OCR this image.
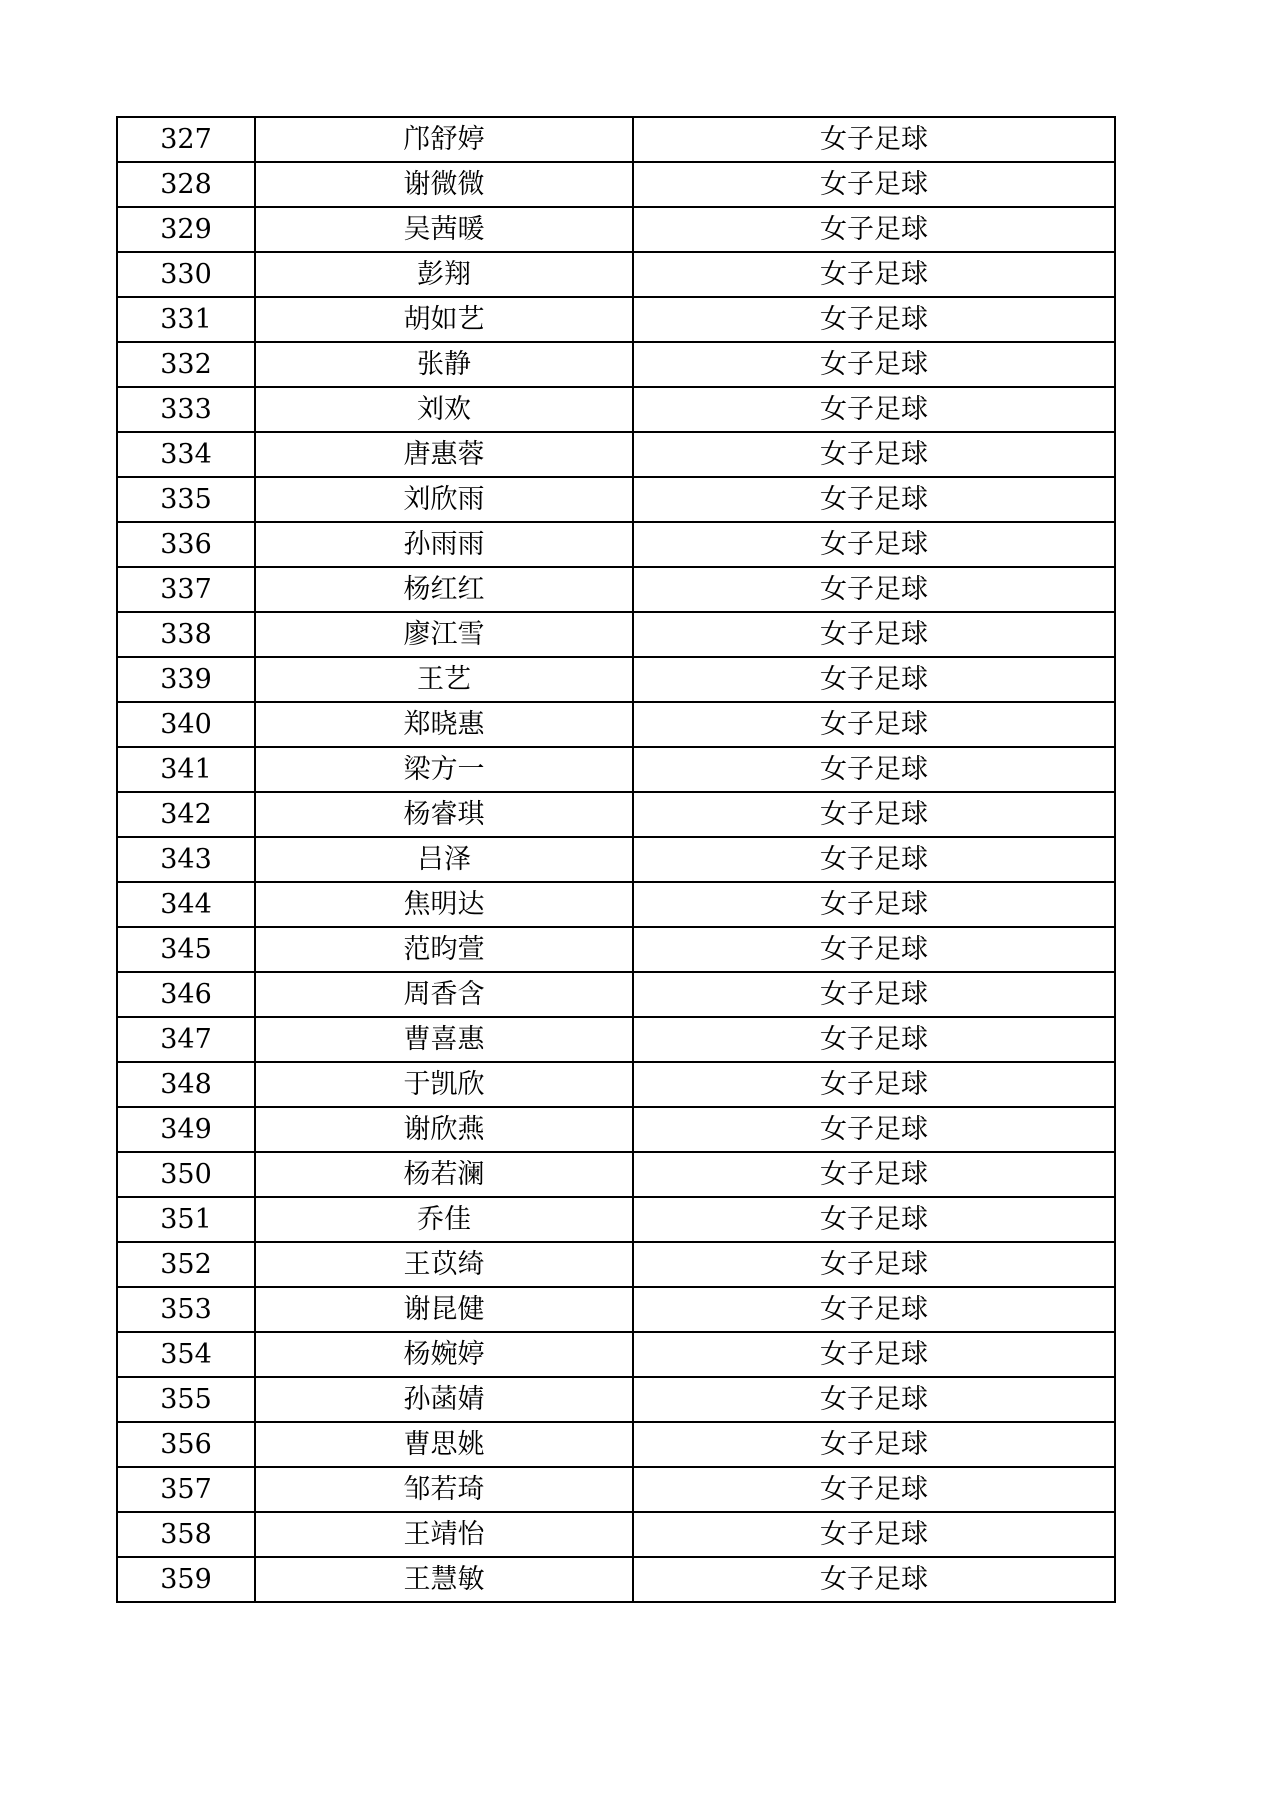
327	邝舒婷	女子足球
328	谢微微	女子足球
329	吴茜暖	女子足球
330	彭翔	女子足球
331	胡如艺	女子足球
332	张静	女子足球
333	刘欢	女子足球
334	唐惠蓉	女子足球
335	刘欣雨	女子足球
336	孙雨雨	女子足球
337	杨红红	女子足球
338	廖江雪	女子足球
339	王艺	女子足球
340	郑晓惠	女子足球
341	梁方一	女子足球
342	杨睿琪	女子足球
343	吕泽	女子足球
344	焦明达	女子足球
345	范昀萱	女子足球
346	周香含	女子足球
347	曹喜惠	女子足球
348	于凯欣	女子足球
349	谢欣燕	女子足球
350	杨若澜	女子足球
351	乔佳	女子足球
352	王苡绮	女子足球
353	谢昆健	女子足球
354	杨婉婷	女子足球
355	孙菡婧	女子足球
356	曹思姚	女子足球
357	邹若琦	女子足球
358	王靖怡	女子足球
359	王慧敏	女子足球
